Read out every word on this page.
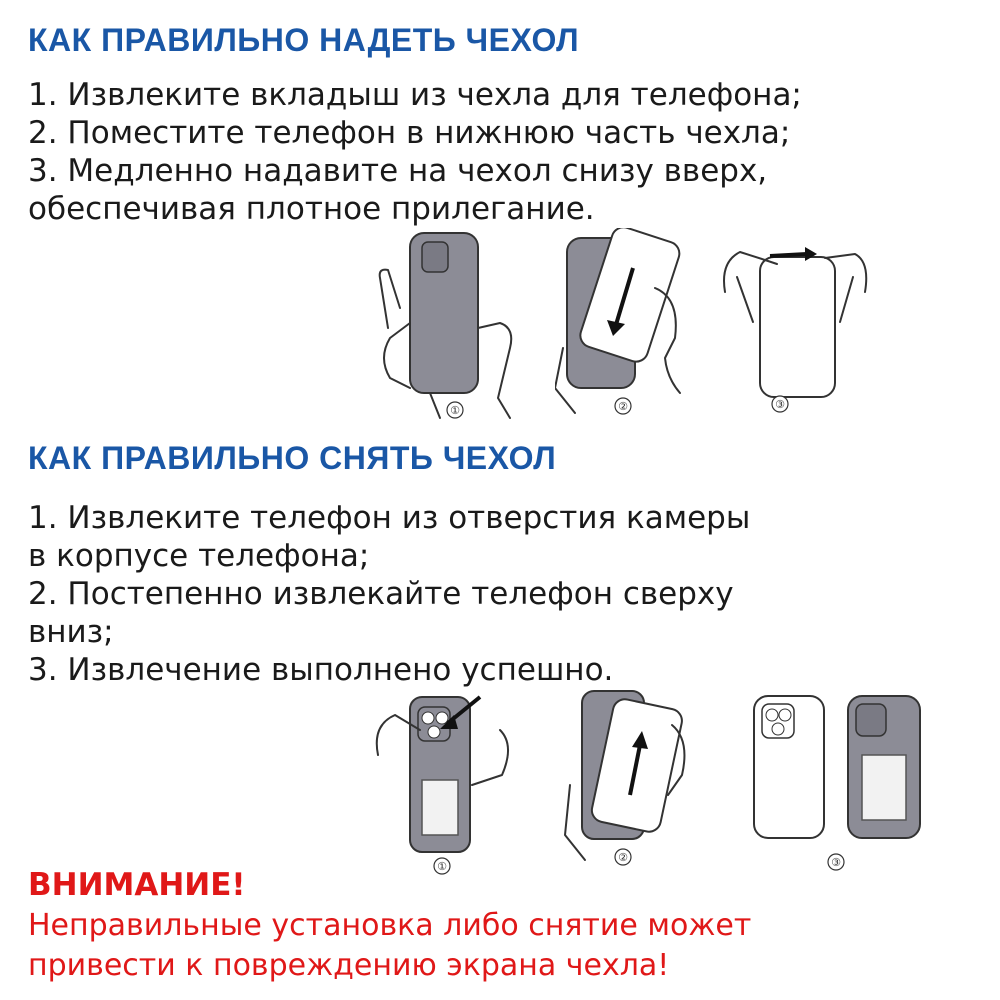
КАК ПРАВИЛЬНО НАДЕТЬ ЧЕХОЛ
1. Извлеките вкладыш из чехла для телефона;
2. Поместите телефон в нижнюю часть чехла;
3. Медленно надавите на чехол снизу вверх,
обеспечивая плотное прилегание.
①	②	③
КАК ПРАВИЛЬНО СНЯТЬ ЧЕХОЛ
1. Извлеките телефон из отверстия камеры
в корпусе телефона;
2. Постепенно извлекайте телефон сверху
вниз;
3. Извлечение выполнено успешно.
①
②	③
ВНИМАНИЕ!
Неправильные установка либо снятие может
привести к повреждению экрана чехла!
